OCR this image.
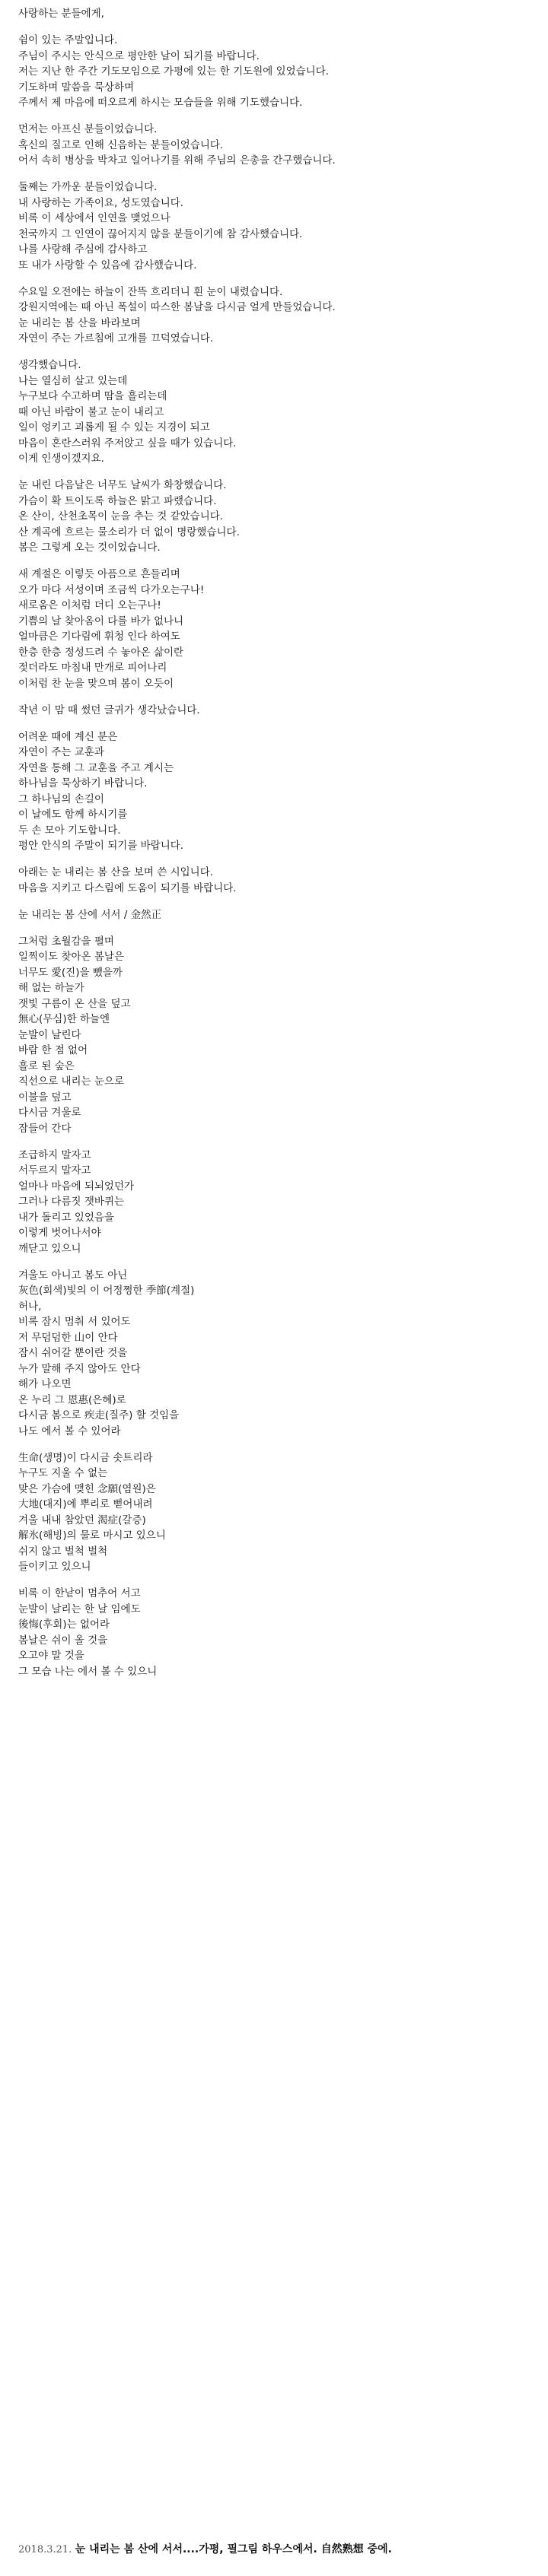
사랑하는 분들에게,
쉼이 있는 주말입니다.
주님이 주시는 안식으로 평안한 날이 되기를 바랍니다.
저는 지난 한 주간 기도모임으로 가평에 있는 한 기도원에 있었습니다.
기도하며 말씀을 묵상하며
주께서 제 마음에 떠오르게 하시는 모습들을 위해 기도했습니다.
먼저는 아프신 분들이었습니다.
혹신의 질고로 인해 신음하는 분들이었습니다.
어서 속히 병상을 박차고 일어나기를 위해 주님의 은총을 간구했습니다.
둘째는 가까운 분들이었습니다.
내 사랑하는 가족이요, 성도였습니다.
비록 이 세상에서 인연을 맺었으나
천국까지 그 인연이 끊어지지 않을 분들이기에 참 감사했습니다.
나를 사랑해 주심에 감사하고
또 내가 사랑할 수 있음에 감사했습니다.
수요일 오전에는 하늘이 잔뜩 흐리더니 흰 눈이 내렸습니다.
강원지역에는 때 아닌 폭설이 따스한 봄날을 다시금 얼게 만들었습니다.
눈 내리는 봄 산을 바라보며
자연이 주는 가르침에 고개를 끄덕였습니다.
생각했습니다.
나는 열심히 살고 있는데
누구보다 수고하며 땀을 흘리는데
때 아닌 바람이 불고 눈이 내리고
일이 엉키고 괴롭게 될 수 있는 지경이 되고
마음이 혼란스러워 주저앉고 싶을 때가 있습니다.
이게 인생이겠지요.
눈 내린 다음날은 너무도 날씨가 화창했습니다.
가슴이 확 트이도록 하늘은 맑고 파랬습니다.
온 산이, 산천초목이 눈을 추는 것 같았습니다.
산 계곡에 흐르는 물소리가 더 없이 명랑했습니다.
봄은 그렇게 오는 것이었습니다.
새 계절은 이렇듯 아픔으로 흔들리며
오가 마다 서성이며 조금씩 다가오는구나!
새로움은 이처럼 더디 오는구나!
기쁨의 날 찾아옴이 다를 바가 없나니
얼마큼은 기다림에 휘청 인다 하여도
한층 한층 정성드려 수 놓아온 삶이란
젖더라도 마침내 만개로 피어나리
이처럼 찬 눈을 맞으며 봄이 오듯이
작년 이 맘 때 썼던 글귀가 생각났습니다.
어려운 때에 계신 분은
자연이 주는 교훈과
자연을 통해 그 교훈을 주고 계시는
하나님을 묵상하기 바랍니다.
그 하나님의 손길이
이 날에도 함께 하시기를
두 손 모아 기도합니다.
평안 안식의 주말이 되기를 바랍니다.
아래는 눈 내리는 봄 산을 보며 쓴 시입니다.
마음을 지키고 다스림에 도움이 되기를 바랍니다.
눈 내리는 봄 산에 서서 / 金然正
그처럼 초월감을 펼며
일찍이도 찾아온 봄날은
너무도 愛(진)을 뺐을까
해 없는 하늘가
잿빛 구름이 온 산을 덮고
無心(무심)한 하늘엔
눈발이 날린다
바람 한 점 없어
흘로 된 숲은
직선으로 내리는 눈으로
이불을 덮고
다시금 겨울로
잠들어 간다
조급하지 말자고
서두르지 말자고
얼마나 마음에 되뇌었던가
그러나 다름짓 잿바퀴는
내가 돌리고 있었음을
이렇게 벗어나서야
깨닫고 있으니
겨울도 아니고 봄도 아닌
灰色(회색)빛의 이 어정쩡한 季節(계절)
허나,
비록 잠시 멈춰 서 있어도
저 무덤덤한 山이 안다
잠시 쉬어갈 뿐이란 것을
누가 말해 주지 않아도 안다
해가 나오면
온 누리 그 恩惠(은혜)로
다시금 봄으로 疾走(질주) 할 것임을
나도 에서 볼 수 있어라
生命(생명)이 다시금 솟트리라
누구도 지울 수 없는
맞은 가슴에 맺힌 念願(염원)은
大地(대지)에 뿌리로 뻗어내려
겨울 내내 참았던 渴症(갈증)
解氷(해빙)의 물로 마시고 있으니
쉬지 않고 벌척 벌척
들이키고 있으니
비록 이 한낱이 멈추어 서고
눈발이 날리는 한 날 임에도
後悔(후회)는 없어라
봄날은 쉬이 올 것을
오고야 말 것을
그 모습 나는 에서 볼 수 있으니
2018.3.21. 눈 내리는 봄 산에 서서....가평, 필그림 하우스에서. 自然熟想 중에.
